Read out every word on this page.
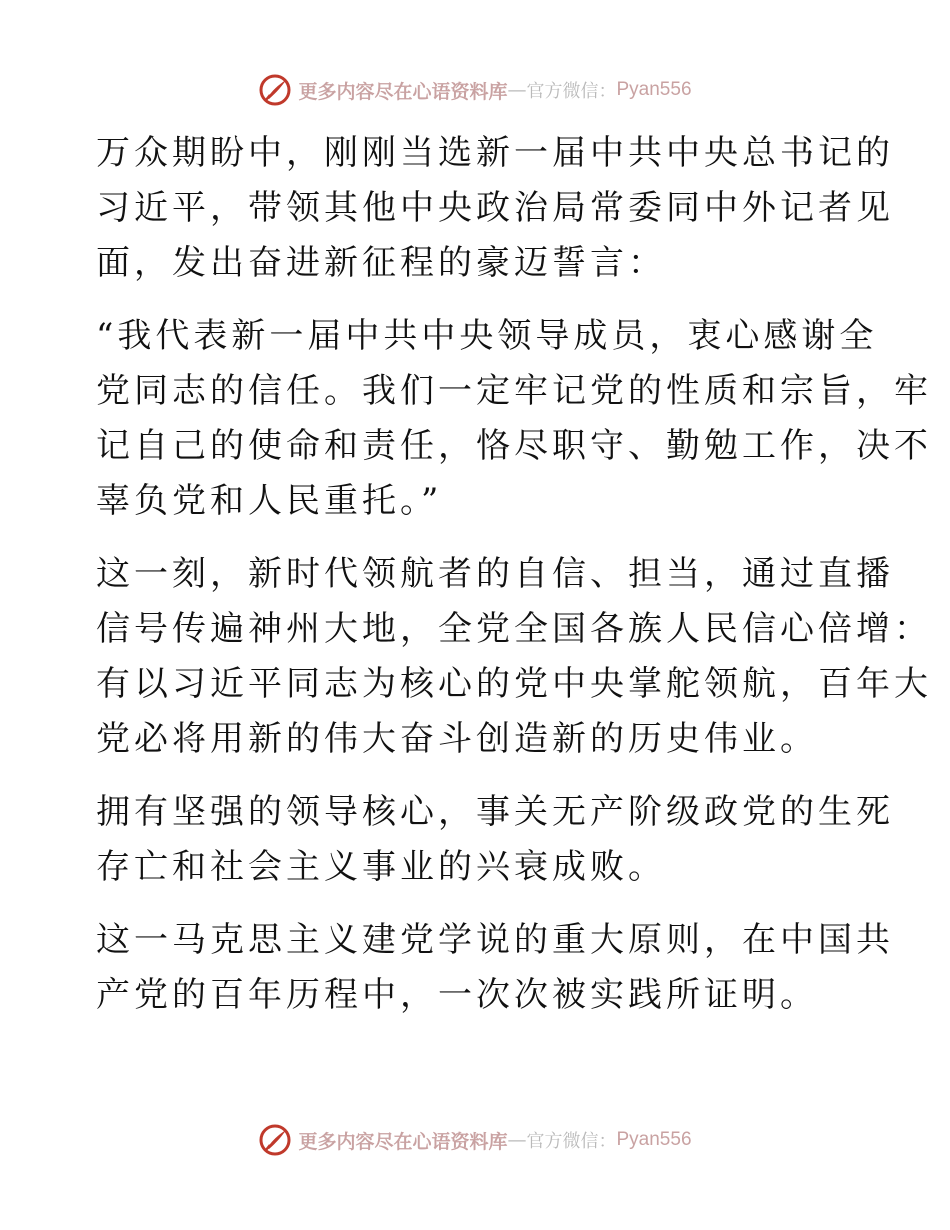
更多内容尽在心语资料库 — 官方微信： Pyan556

万众期盼中，刚刚当选新一届中共中央总书记的
习近平，带领其他中央政治局常委同中外记者见
面，发出奋进新征程的豪迈誓言：

“我代表新一届中共中央领导成员，衷心感谢全
党同志的信任。我们一定牢记党的性质和宗旨，牢
记自己的使命和责任，恪尽职守、勤勉工作，决不
辜负党和人民重托。”

这一刻，新时代领航者的自信、担当，通过直播
信号传遍神州大地，全党全国各族人民信心倍增：
有以习近平同志为核心的党中央掌舵领航，百年大
党必将用新的伟大奋斗创造新的历史伟业。

拥有坚强的领导核心，事关无产阶级政党的生死
存亡和社会主义事业的兴衰成败。

这一马克思主义建党学说的重大原则，在中国共
产党的百年历程中，一次次被实践所证明。

更多内容尽在心语资料库 — 官方微信： Pyan556
